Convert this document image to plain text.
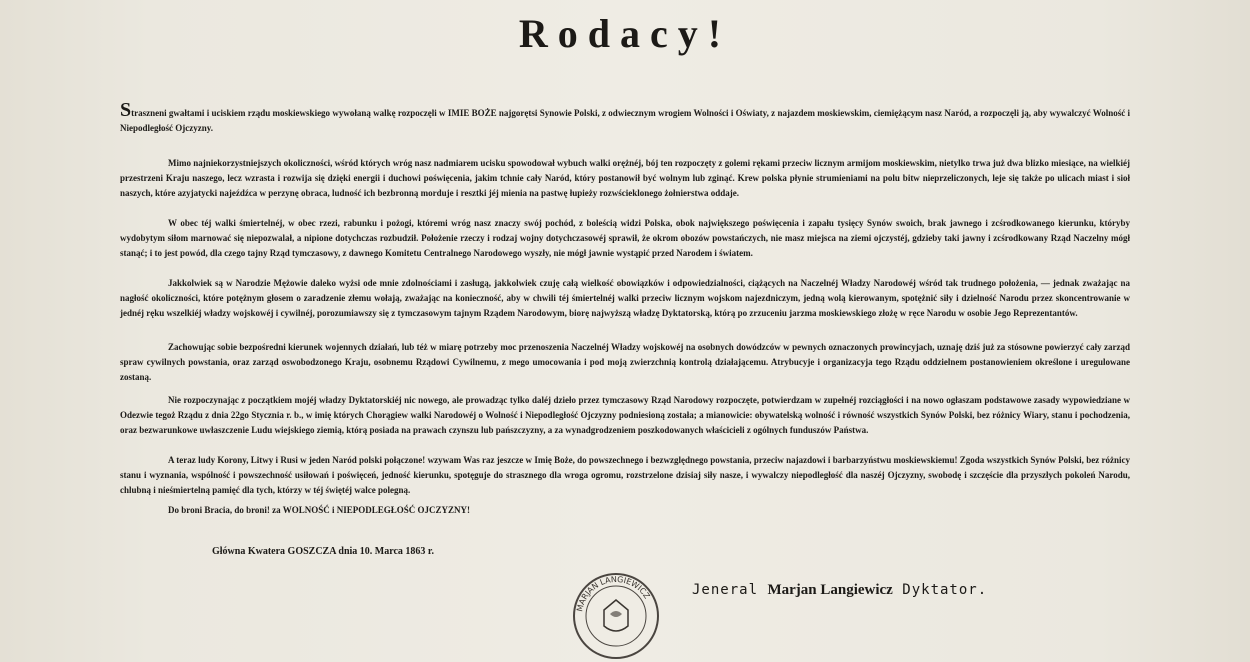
Rodacy!

Straszneni gwałtami i uciskiem rządu moskiewskiego wywołaną walkę rozpoczęli w IMIE BOŻE najgorętsi Synowie Polski, z odwiecznym wrogiem Wolności i Oświaty, z najazdem moskiewskim, ciemiężącym nasz Naród, a rozpoczęli ją, aby wywalczyć Wolność i Niepodległość Ojczyzny.

Mimo najniekorzystniejszych okoliczności, wśród których wróg nasz nadmiarem ucisku spowodował wybuch walki orężnéj, bój ten rozpoczęty z golemi rękami przeciw licznym armijom moskiewskim, nietylko trwa już dwa blizko miesiące, na wielkiéj przestrzeni Kraju naszego, lecz wzrasta i rozwija się dzięki energii i duchowi poświęcenia, jakim tchnie cały Naród, który postanowił być wolnym lub zginąć. Krew polska płynie strumieniami na polu bitw nieprzeliczonych, leje się także po ulicach miast i sioł naszych, które azyjatycki najeźdźca w perzynę obraca, ludność ich bezbronną morduje i resztki jéj mienia na pastwę łupieży rozwścieklonego żołnierstwa oddaje.

W obec téj walki śmiertelnéj, w obec rzezi, rabunku i pożogi, któremi wróg nasz znaczy swój pochód, z boleścią widzi Polska, obok największego poświęcenia i zapału tysięcy Synów swoich, brak jawnego i zcśrodkowanego kierunku, któryby wydobytym siłom marnować się niepozwalał, a nipione dotychczas rozbudził. Położenie rzeczy i rodzaj wojny dotychczasowéj sprawił, że okrom obozów powstańczych, nie masz miejsca na ziemi ojczystéj, gdzieby taki jawny i zcśrodkowany Rząd Naczelny mógł stanąć; i to jest powód, dla czego tajny Rząd tymczasowy, z dawnego Komitetu Centralnego Narodowego wyszły, nie mógł jawnie wystąpić przed Narodem i światem.

Jakkolwiek są w Narodzie Mężowie daleko wyżsi ode mnie zdolnościami i zasługą, jakkolwiek czuję całą wielkość obowiązków i odpowiedzialności, ciążących na Naczelnéj Władzy Narodowéj wśród tak trudnego położenia, — jednak zważając na nagłość okoliczności, które potężnym głosem o zaradzenie złemu wołają, zważając na konieczność, aby w chwili téj śmiertelnéj walki przeciw licznym wojskom najezdniczym, jedną wolą kierowanym, spotężnić siły i dzielność Narodu przez skoncentrowanie w jednéj ręku wszelkiéj władzy wojskowéj i cywilnéj, porozumiawszy się z tymczasowym tajnym Rządem Narodowym, biorę najwyższą władzę Dyktatorską, którą po zrzuceniu jarzma moskiewskiego złożę w ręce Narodu w osobie Jego Reprezentantów.

Zachowując sobie bezpośredni kierunek wojennych działań, lub téż w miarę potrzeby moc przenoszenia Naczelnéj Władzy wojskowéj na osobnych dowódzców w pewnych oznaczonych prowincyjach, uznaję dziś już za stósowne powierzyć cały zarząd spraw cywilnych powstania, oraz zarząd oswobodzonego Kraju, osobnemu Rządowi Cywilnemu, z mego umocowania i pod moją zwierzchnią kontrolą działającemu. Atrybucyje i organizacyja tego Rządu oddzielnem postanowieniem określone i uregulowane zostaną.

Nie rozpoczynając z początkiem mojéj władzy Dyktatorskiéj nic nowego, ale prowadząc tylko daléj dzieło przez tymczasowy Rząd Narodowy rozpoczęte, potwierdzam w zupełnéj rozciągłości i na nowo ogłaszam podstawowe zasady wypowiedziane w Odezwie tegoż Rządu z dnia 22go Stycznia r. b., w imię których Chorągiew walki Narodowéj o Wolność i Niepodległość Ojczyzny podniesioną została; a mianowicie: obywatelską wolność i równość wszystkich Synów Polski, bez różnicy Wiary, stanu i pochodzenia, oraz bezwarunkowe uwłaszczenie Ludu wiejskiego ziemią, którą posiada na prawach czynszu lub pańszczyzny, a za wynadgrodzeniem poszkodowanych właścicieli z ogólnych funduszów Państwa.

A teraz ludy Korony, Litwy i Rusi w jeden Naród polski połączone! wzywam Was raz jeszcze w Imię Boże, do powszechnego i bezwzględnego powstania, przeciw najazdowi i barbarzyństwu moskiewskiemu! Zgoda wszystkich Synów Polski, bez różnicy stanu i wyznania, wspólność i powszechność usiłowań i poświęceń, jedność kierunku, spotęguje do strasznego dla wroga ogromu, rozstrzelone dzisiaj siły nasze, i wywalczy niepodległość dla naszéj Ojczyzny, swobodę i szczęście dla przyszłych pokoleń Narodu, chlubną i nieśmiertelną pamięć dla tych, którzy w téj świętéj walce polegną.

Do broni Bracia, do broni! za WOLNOŚĆ i NIEPODLEGŁOŚĆ OJCZYZNY!

Główna Kwatera GOSZCZA dnia 10. Marca 1863 r.
MARJAN LANGIEWICZ	Jeneral Marjan Langiewicz Dyktator.
